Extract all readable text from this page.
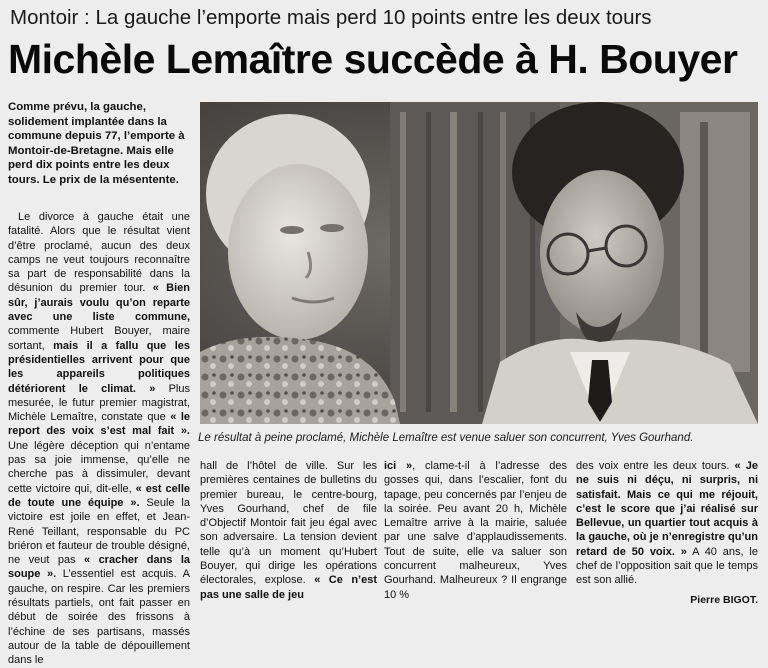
Montoir : La gauche l’emporte mais perd 10 points entre les deux tours
Michèle Lemaître succède à H. Bouyer

Comme prévu, la gauche, solidement implantée dans la commune depuis 77, l’emporte à Montoir-de-Bretagne. Mais elle perd dix points entre les deux tours. Le prix de la mésentente.

Le divorce à gauche était une fatalité. Alors que le résultat vient d’être proclamé, aucun des deux camps ne veut toujours reconnaître sa part de responsabilité dans la désunion du premier tour. « Bien sûr, j’aurais voulu qu’on reparte avec une liste commune, commente Hubert Bouyer, maire sortant, mais il a fallu que les présidentielles arrivent pour que les appareils politiques détériorent le climat. » Plus mesurée, le futur premier magistrat, Michèle Lemaître, constate que « le report des voix s’est mal fait ». Une légère déception qui n’entame pas sa joie immense, qu’elle ne cherche pas à dissimuler, devant cette victoire qui, dit-elle, « est celle de toute une équipe ». Seule la victoire est joile en effet, et Jean-René Teillant, responsable du PC briéron et fauteur de trouble désigné, ne veut pas « cracher dans la soupe ». L’essentiel est acquis. A gauche, on respire. Car les premiers résultats partiels, ont fait passer en début de soirée des frissons à l’échine de ses partisans, massés autour de la table de dépouillement dans le

hall de l’hôtel de ville. Sur les premières centaines de bulletins du premier bureau, le centre-bourg, Yves Gourhand, chef de file d’Objectif Montoir fait jeu égal avec son adversaire. La tension devient telle qu’à un moment qu’Hubert Bouyer, qui dirige les opérations électorales, explose. « Ce n’est pas une salle de jeu

ici », clame-t-il à l’adresse des gosses qui, dans l’escalier, font du tapage, peu concernés par l’enjeu de la soirée. Peu avant 20 h, Michèle Lemaître arrive à la mairie, saluée par une salve d’applaudissements. Tout de suite, elle va saluer son concurrent malheureux, Yves Gourhand. Malheureux ? Il engrange 10 %

des voix entre les deux tours. « Je ne suis ni déçu, ni surpris, ni satisfait. Mais ce qui me réjouit, c’est le score que j’ai réalisé sur Bellevue, un quartier tout acquis à la gauche, où je n’enregistre qu’un retard de 50 voix. » A 40 ans, le chef de l’opposition sait que le temps est son allié.

Le résultat à peine proclamé, Michèle Lemaître est venue saluer son concurrent, Yves Gourhand.
Pierre BIGOT.
